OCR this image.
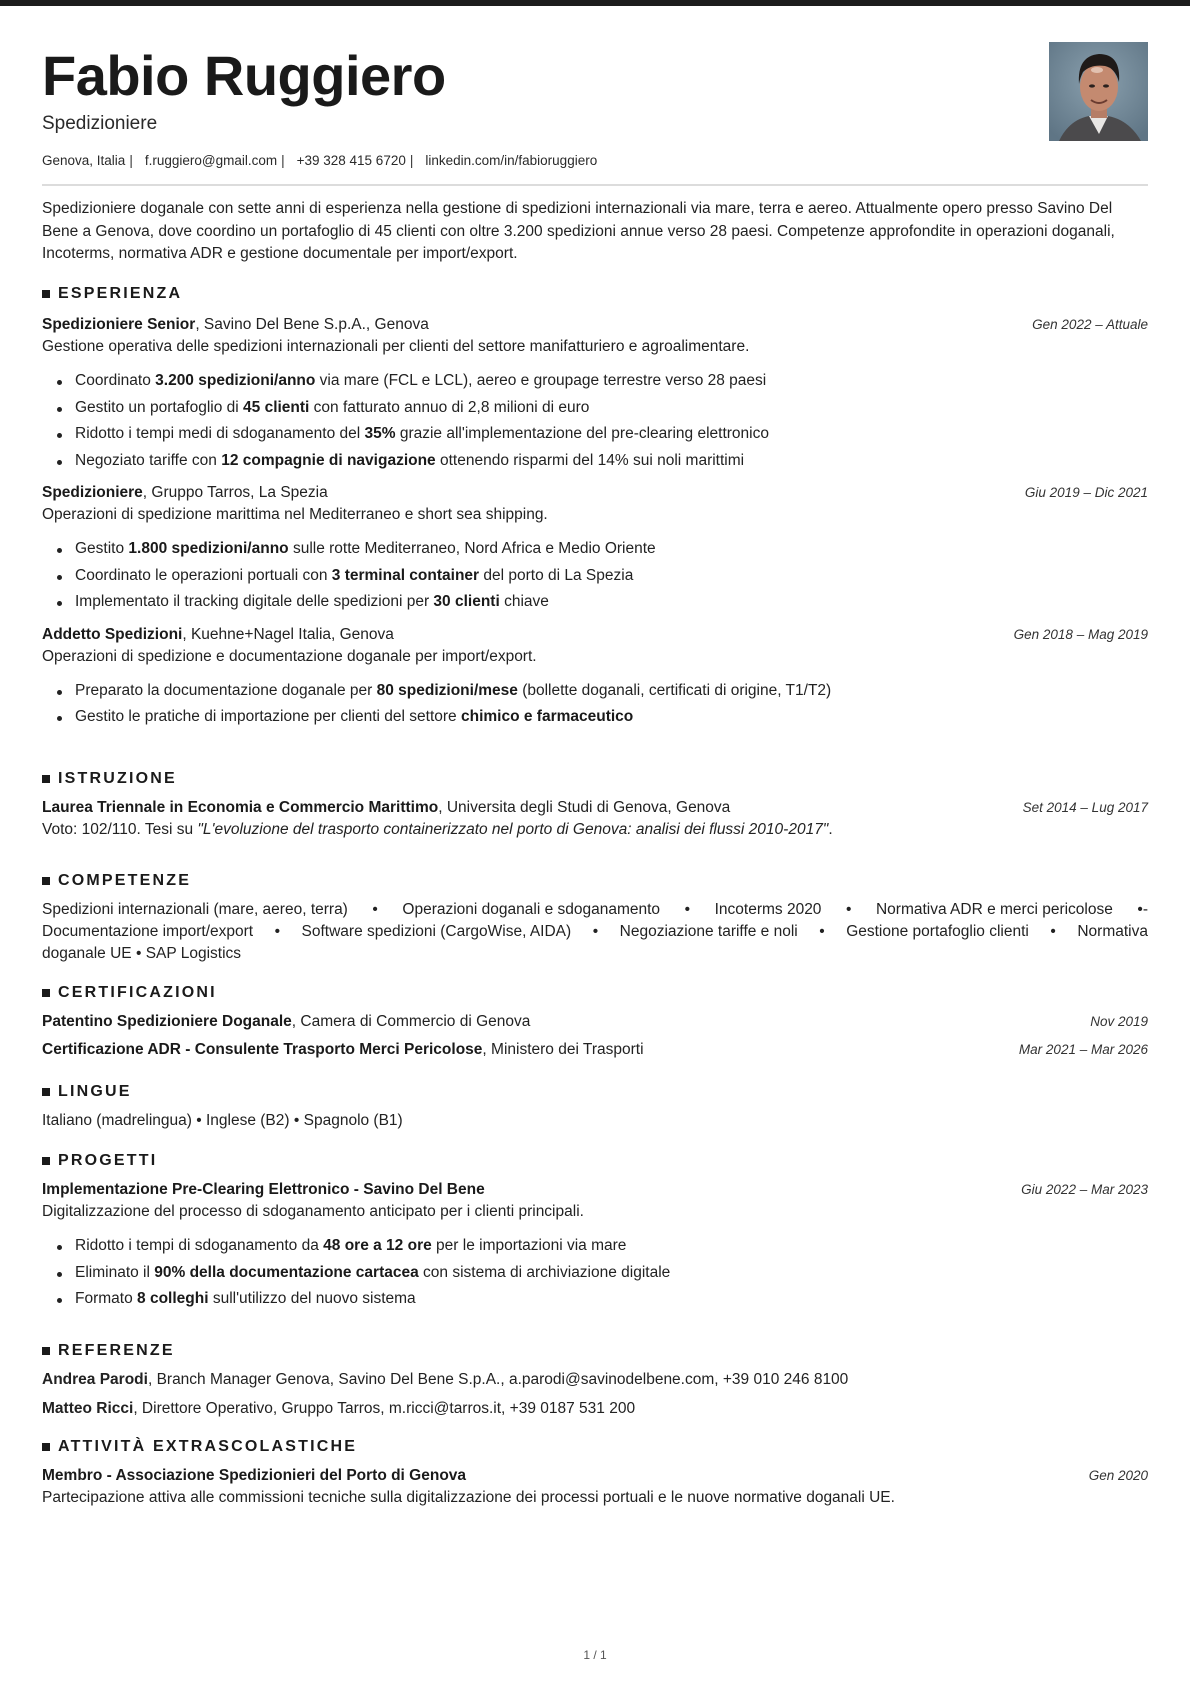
Fabio Ruggiero
Spedizioniere
Genova, Italia | f.ruggiero@gmail.com | +39 328 415 6720 | linkedin.com/in/fabioruggiero

Spedizioniere doganale con sette anni di esperienza nella gestione di spedizioni internazionali via mare, terra e aereo. Attualmente opero presso Savino Del Bene a Genova, dove coordino un portafoglio di 45 clienti con oltre 3.200 spedizioni annue verso 28 paesi. Competenze approfondite in operazioni doganali, Incoterms, normativa ADR e gestione documentale per import/export.

ESPERIENZA
Spedizioniere Senior, Savino Del Bene S.p.A., Genova	Gen 2022 – Attuale
Gestione operativa delle spedizioni internazionali per clienti del settore manifatturiero e agroalimentare.
Coordinato 3.200 spedizioni/anno via mare (FCL e LCL), aereo e groupage terrestre verso 28 paesi
Gestito un portafoglio di 45 clienti con fatturato annuo di 2,8 milioni di euro
Ridotto i tempi medi di sdoganamento del 35% grazie all'implementazione del pre-clearing elettronico
Negoziato tariffe con 12 compagnie di navigazione ottenendo risparmi del 14% sui noli marittimi
Spedizioniere, Gruppo Tarros, La Spezia	Giu 2019 – Dic 2021
Operazioni di spedizione marittima nel Mediterraneo e short sea shipping.
Gestito 1.800 spedizioni/anno sulle rotte Mediterraneo, Nord Africa e Medio Oriente
Coordinato le operazioni portuali con 3 terminal container del porto di La Spezia
Implementato il tracking digitale delle spedizioni per 30 clienti chiave
Addetto Spedizioni, Kuehne+Nagel Italia, Genova	Gen 2018 – Mag 2019
Operazioni di spedizione e documentazione doganale per import/export.
Preparato la documentazione doganale per 80 spedizioni/mese (bollette doganali, certificati di origine, T1/T2)
Gestito le pratiche di importazione per clienti del settore chimico e farmaceutico
ISTRUZIONE
Laurea Triennale in Economia e Commercio Marittimo, Universita degli Studi di Genova, Genova	Set 2014 – Lug 2017
Voto: 102/110. Tesi su "L'evoluzione del trasporto containerizzato nel porto di Genova: analisi dei flussi 2010-2017".
COMPETENZE
Spedizioni internazionali (mare, aereo, terra) • Operazioni doganali e sdoganamento • Incoterms 2020 • Normativa ADR e merci pericolose •-
Documentazione import/export • Software spedizioni (CargoWise, AIDA) • Negoziazione tariffe e noli • Gestione portafoglio clienti • Normativa
doganale UE • SAP Logistics
CERTIFICAZIONI
Patentino Spedizioniere Doganale, Camera di Commercio di Genova	Nov 2019
Certificazione ADR - Consulente Trasporto Merci Pericolose, Ministero dei Trasporti	Mar 2021 – Mar 2026
LINGUE
Italiano (madrelingua) • Inglese (B2) • Spagnolo (B1)
PROGETTI
Implementazione Pre-Clearing Elettronico - Savino Del Bene	Giu 2022 – Mar 2023
Digitalizzazione del processo di sdoganamento anticipato per i clienti principali.
Ridotto i tempi di sdoganamento da 48 ore a 12 ore per le importazioni via mare
Eliminato il 90% della documentazione cartacea con sistema di archiviazione digitale
Formato 8 colleghi sull'utilizzo del nuovo sistema
REFERENZE
Andrea Parodi, Branch Manager Genova, Savino Del Bene S.p.A., a.parodi@savinodelbene.com, +39 010 246 8100
Matteo Ricci, Direttore Operativo, Gruppo Tarros, m.ricci@tarros.it, +39 0187 531 200
ATTIVITÀ EXTRASCOLASTICHE
Membro - Associazione Spedizionieri del Porto di Genova	Gen 2020
Partecipazione attiva alle commissioni tecniche sulla digitalizzazione dei processi portuali e le nuove normative doganali UE.
1 / 1
